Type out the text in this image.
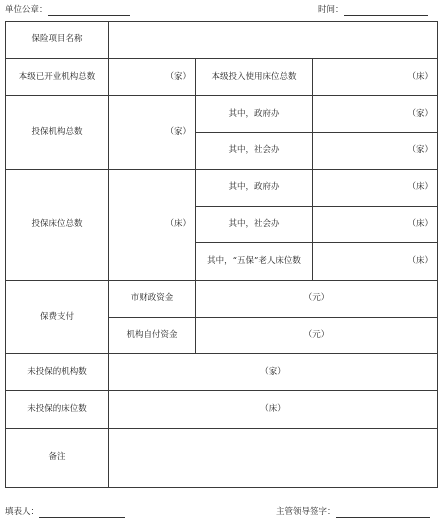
单位公章：	时间：
保险项目名称			
本级已开业机构总数	（家）	本级投入使用床位总数	（床）
投保机构总数	（家）	其中，政府办	（家）
		其中，社会办	（家）
投保床位总数	（床）	其中，政府办	（床）
		其中，社会办	（床）
		其中，“五保”老人床位数	（床）
保费支付	市财政资金	（元）	
	机构自付资金	（元）	
未投保的机构数	（家）		
未投保的床位数	（床）		
备注			
填表人：	主管领导签字：
